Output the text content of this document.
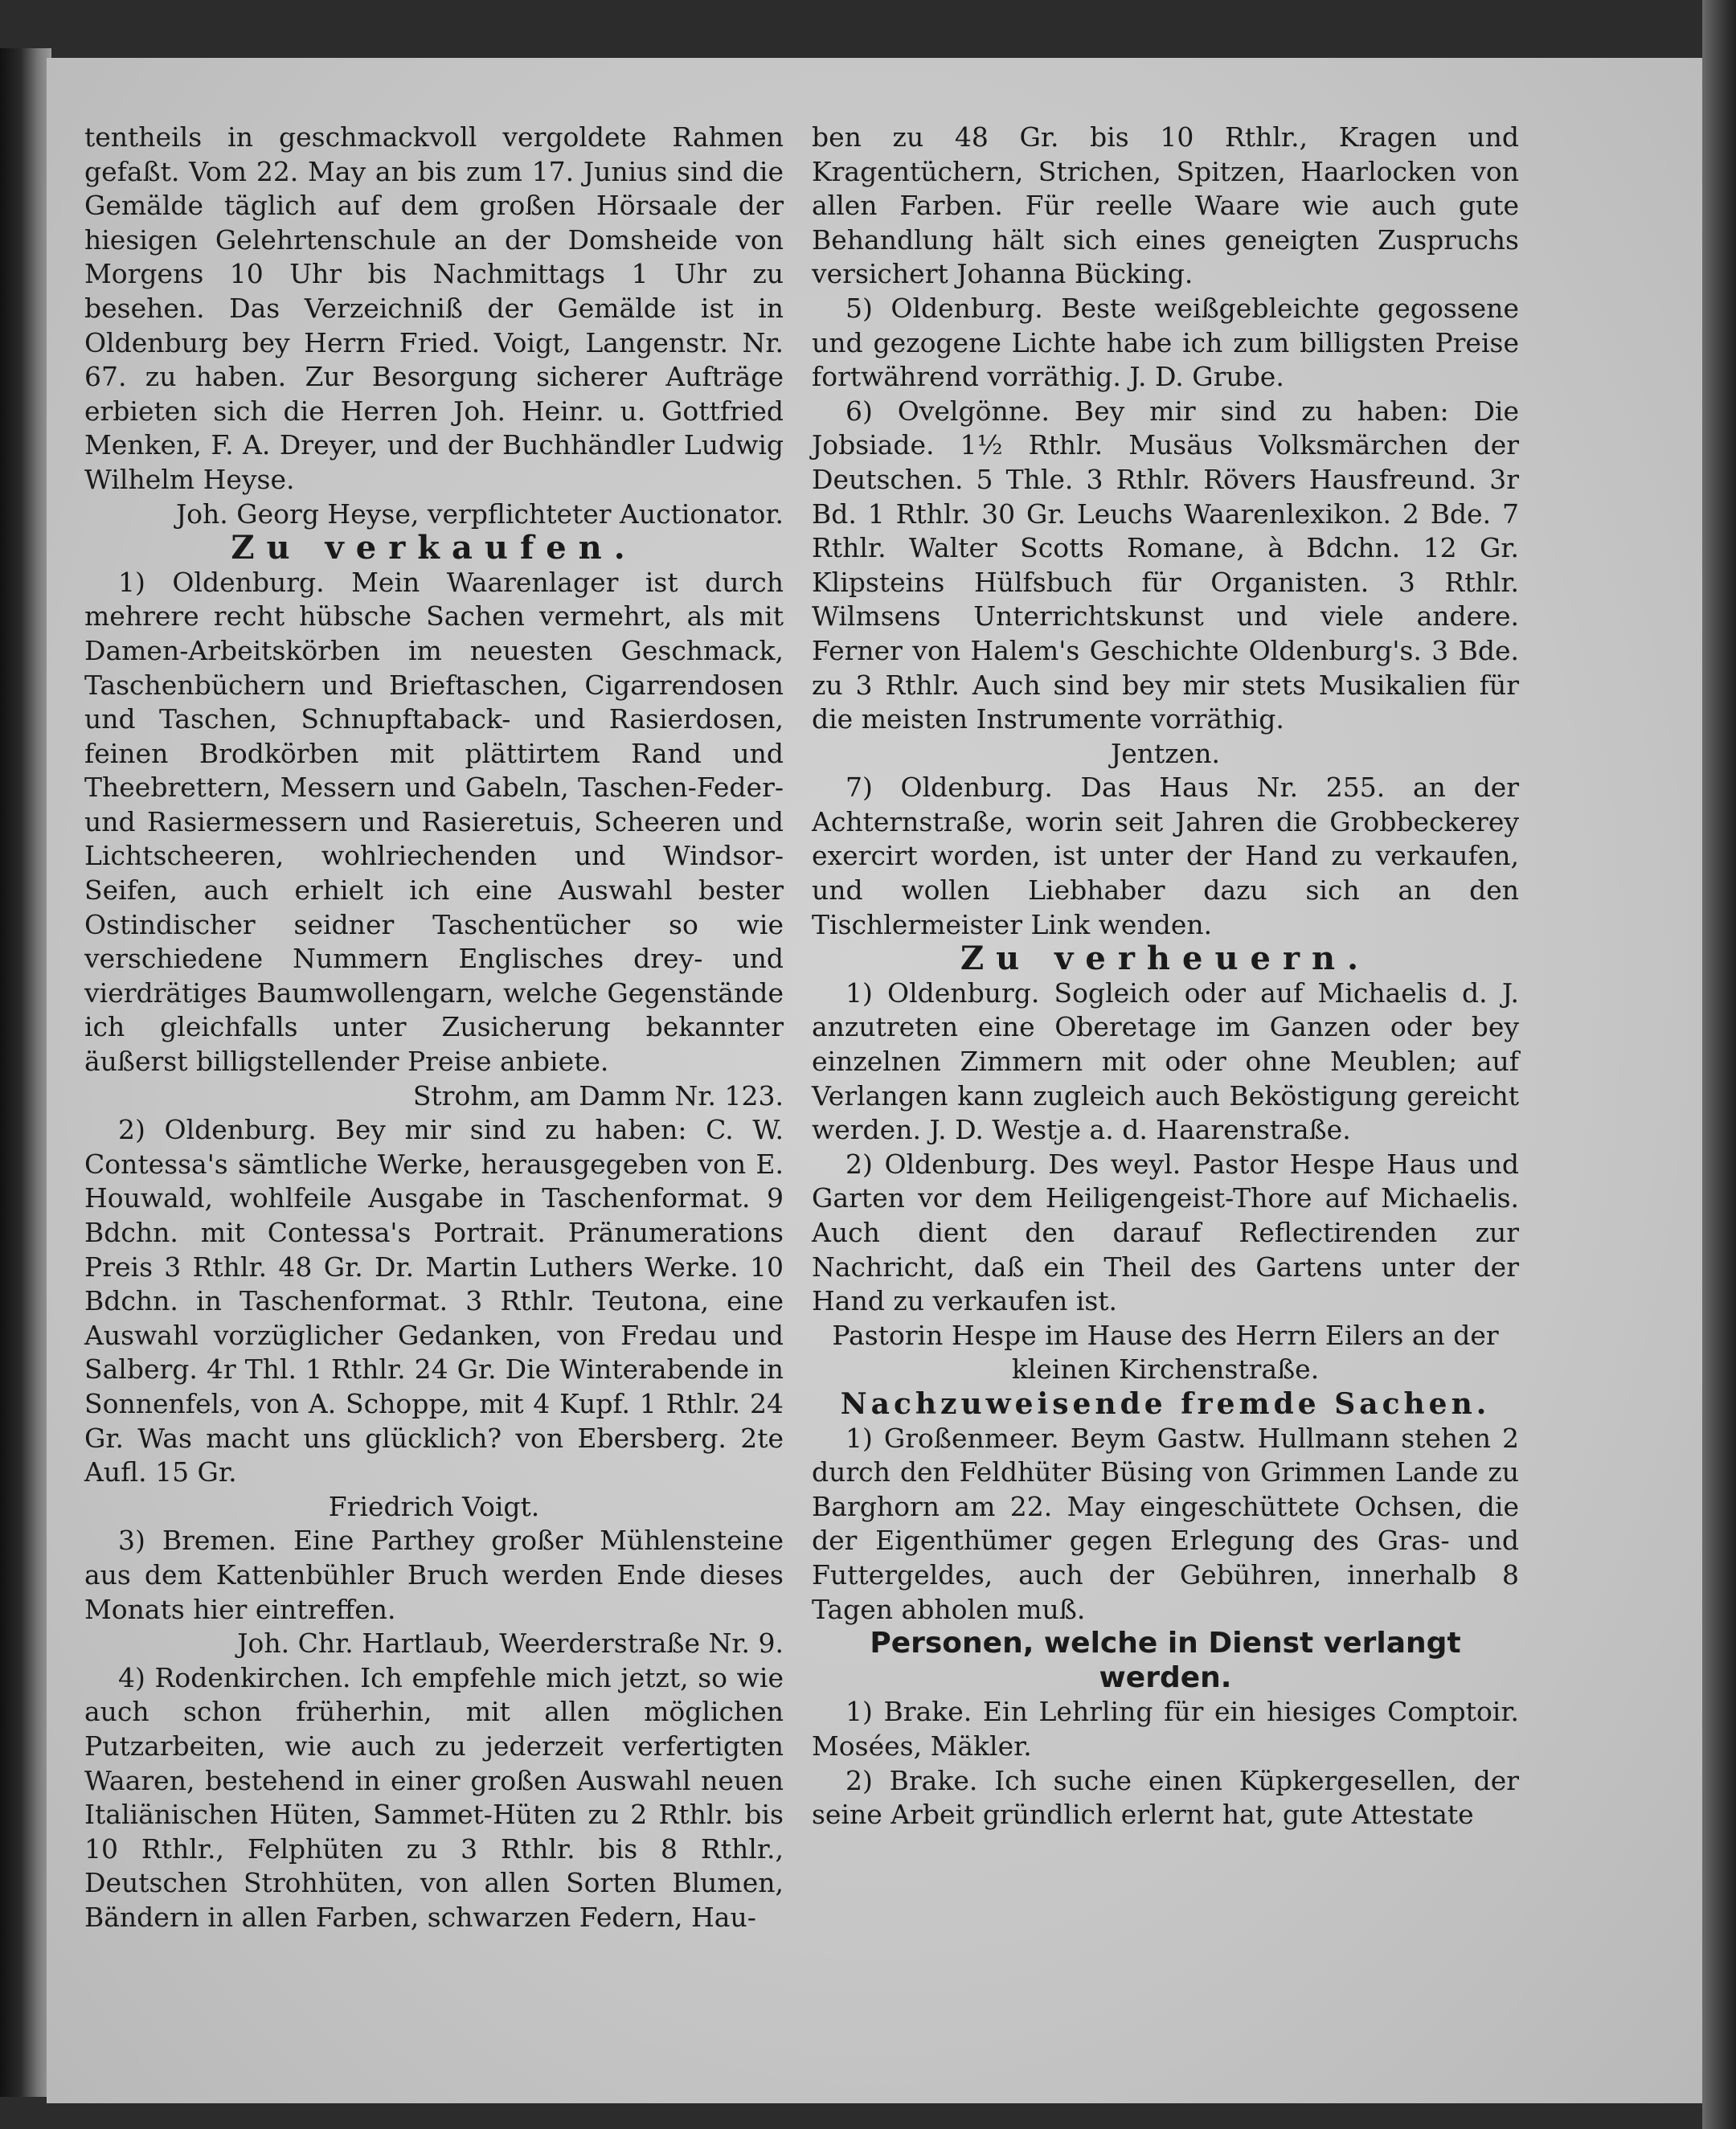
tentheils in geschmackvoll vergoldete Rahmen gefaßt. Vom 22. May an bis zum 17. Junius sind die Gemälde täglich auf dem großen Hörsaale der hiesigen Gelehrtenschule an der Domsheide von Morgens 10 Uhr bis Nachmittags 1 Uhr zu besehen. Das Verzeichniß der Gemälde ist in Oldenburg bey Herrn Fried. Voigt, Langenstr. Nr. 67. zu haben. Zur Besorgung sicherer Aufträge erbieten sich die Herren Joh. Heinr. u. Gottfried Menken, F. A. Dreyer, und der Buchhändler Ludwig Wilhelm Heyse.

Joh. Georg Heyse, verpflichteter Auctionator.

Zu verkaufen.

1) Oldenburg. Mein Waarenlager ist durch mehrere recht hübsche Sachen vermehrt, als mit Damen-Arbeitskörben im neuesten Geschmack, Taschenbüchern und Brieftaschen, Cigarrendosen und Taschen, Schnupftaback- und Rasierdosen, feinen Brodkörben mit plättirtem Rand und Theebrettern, Messern und Gabeln, Taschen-Feder- und Rasiermessern und Rasieretuis, Scheeren und Lichtscheeren, wohlriechenden und Windsor-Seifen, auch erhielt ich eine Auswahl bester Ostindischer seidner Taschentücher so wie verschiedene Nummern Englisches drey- und vierdrätiges Baumwollengarn, welche Gegenstände ich gleichfalls unter Zusicherung bekannter äußerst billigstellender Preise anbiete.

Strohm, am Damm Nr. 123.

2) Oldenburg. Bey mir sind zu haben: C. W. Contessa's sämtliche Werke, herausgegeben von E. Houwald, wohlfeile Ausgabe in Taschenformat. 9 Bdchn. mit Contessa's Portrait. Pränumerations Preis 3 Rthlr. 48 Gr. Dr. Martin Luthers Werke. 10 Bdchn. in Taschenformat. 3 Rthlr. Teutona, eine Auswahl vorzüglicher Gedanken, von Fredau und Salberg. 4r Thl. 1 Rthlr. 24 Gr. Die Winterabende in Sonnenfels, von A. Schoppe, mit 4 Kupf. 1 Rthlr. 24 Gr. Was macht uns glücklich? von Ebersberg. 2te Aufl. 15 Gr.

Friedrich Voigt.

3) Bremen. Eine Parthey großer Mühlensteine aus dem Kattenbühler Bruch werden Ende dieses Monats hier eintreffen.

Joh. Chr. Hartlaub, Weerderstraße Nr. 9.

4) Rodenkirchen. Ich empfehle mich jetzt, so wie auch schon früherhin, mit allen möglichen Putzarbeiten, wie auch zu jederzeit verfertigten Waaren, bestehend in einer großen Auswahl neuen Italiänischen Hüten, Sammet-Hüten zu 2 Rthlr. bis 10 Rthlr., Felphüten zu 3 Rthlr. bis 8 Rthlr., Deutschen Strohhüten, von allen Sorten Blumen, Bändern in allen Farben, schwarzen Federn, Hau-

ben zu 48 Gr. bis 10 Rthlr., Kragen und Kragentüchern, Strichen, Spitzen, Haarlocken von allen Farben. Für reelle Waare wie auch gute Behandlung hält sich eines geneigten Zuspruchs versichert Johanna Bücking.

5) Oldenburg. Beste weißgebleichte gegossene und gezogene Lichte habe ich zum billigsten Preise fortwährend vorräthig. J. D. Grube.

6) Ovelgönne. Bey mir sind zu haben: Die Jobsiade. 1½ Rthlr. Musäus Volksmärchen der Deutschen. 5 Thle. 3 Rthlr. Rövers Hausfreund. 3r Bd. 1 Rthlr. 30 Gr. Leuchs Waarenlexikon. 2 Bde. 7 Rthlr. Walter Scotts Romane, à Bdchn. 12 Gr. Klipsteins Hülfsbuch für Organisten. 3 Rthlr. Wilmsens Unterrichtskunst und viele andere. Ferner von Halem's Geschichte Oldenburg's. 3 Bde. zu 3 Rthlr. Auch sind bey mir stets Musikalien für die meisten Instrumente vorräthig.

Jentzen.

7) Oldenburg. Das Haus Nr. 255. an der Achternstraße, worin seit Jahren die Grobbeckerey exercirt worden, ist unter der Hand zu verkaufen, und wollen Liebhaber dazu sich an den Tischlermeister Link wenden.

Zu verheuern.

1) Oldenburg. Sogleich oder auf Michaelis d. J. anzutreten eine Oberetage im Ganzen oder bey einzelnen Zimmern mit oder ohne Meublen; auf Verlangen kann zugleich auch Beköstigung gereicht werden. J. D. Westje a. d. Haarenstraße.

2) Oldenburg. Des weyl. Pastor Hespe Haus und Garten vor dem Heiligengeist-Thore auf Michaelis. Auch dient den darauf Reflectirenden zur Nachricht, daß ein Theil des Gartens unter der Hand zu verkaufen ist.

Pastorin Hespe im Hause des Herrn Eilers an der kleinen Kirchenstraße.

Nachzuweisende fremde Sachen.

1) Großenmeer. Beym Gastw. Hullmann stehen 2 durch den Feldhüter Büsing von Grimmen Lande zu Barghorn am 22. May eingeschüttete Ochsen, die der Eigenthümer gegen Erlegung des Gras- und Futtergeldes, auch der Gebühren, innerhalb 8 Tagen abholen muß.

Personen, welche in Dienst verlangt werden.

1) Brake. Ein Lehrling für ein hiesiges Comptoir. Mosées, Mäkler.

2) Brake. Ich suche einen Küpkergesellen, der seine Arbeit gründlich erlernt hat, gute Attestate
